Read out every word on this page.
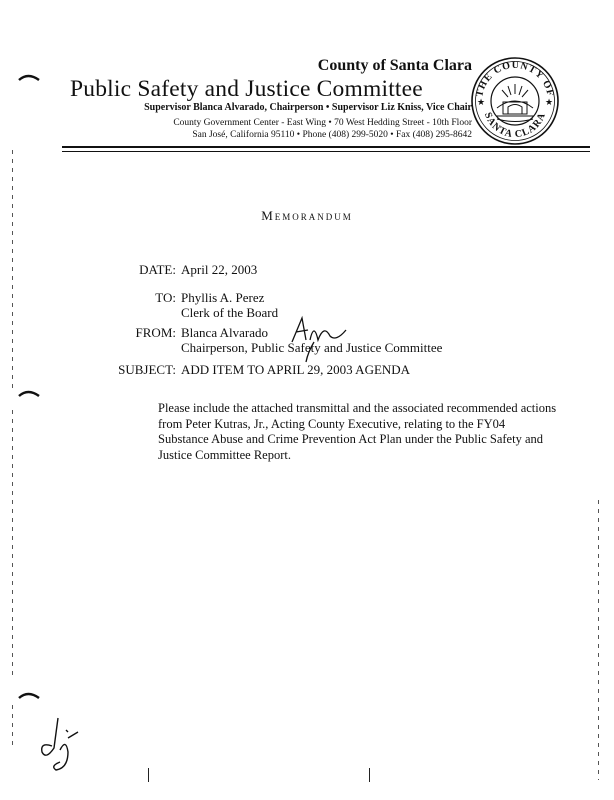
County of Santa Clara
Public Safety and Justice Committee
Supervisor Blanca Alvarado, Chairperson • Supervisor Liz Kniss, Vice Chair
County Government Center - East Wing • 70 West Hedding Street - 10th Floor
San José, California 95110 • Phone (408) 299-5020 • Fax (408) 295-8642
THE COUNTY OF
SANTA CLARA
★	★
Memorandum
DATE: April 22, 2003
TO: Phyllis A. Perez
Clerk of the Board
FROM: Blanca Alvarado
Chairperson, Public Safety and Justice Committee
SUBJECT: ADD ITEM TO APRIL 29, 2003 AGENDA
Please include the attached transmittal and the associated recommended actions from Peter Kutras, Jr., Acting County Executive, relating to the FY04 Substance Abuse and Crime Prevention Act Plan under the Public Safety and Justice Committee Report.
